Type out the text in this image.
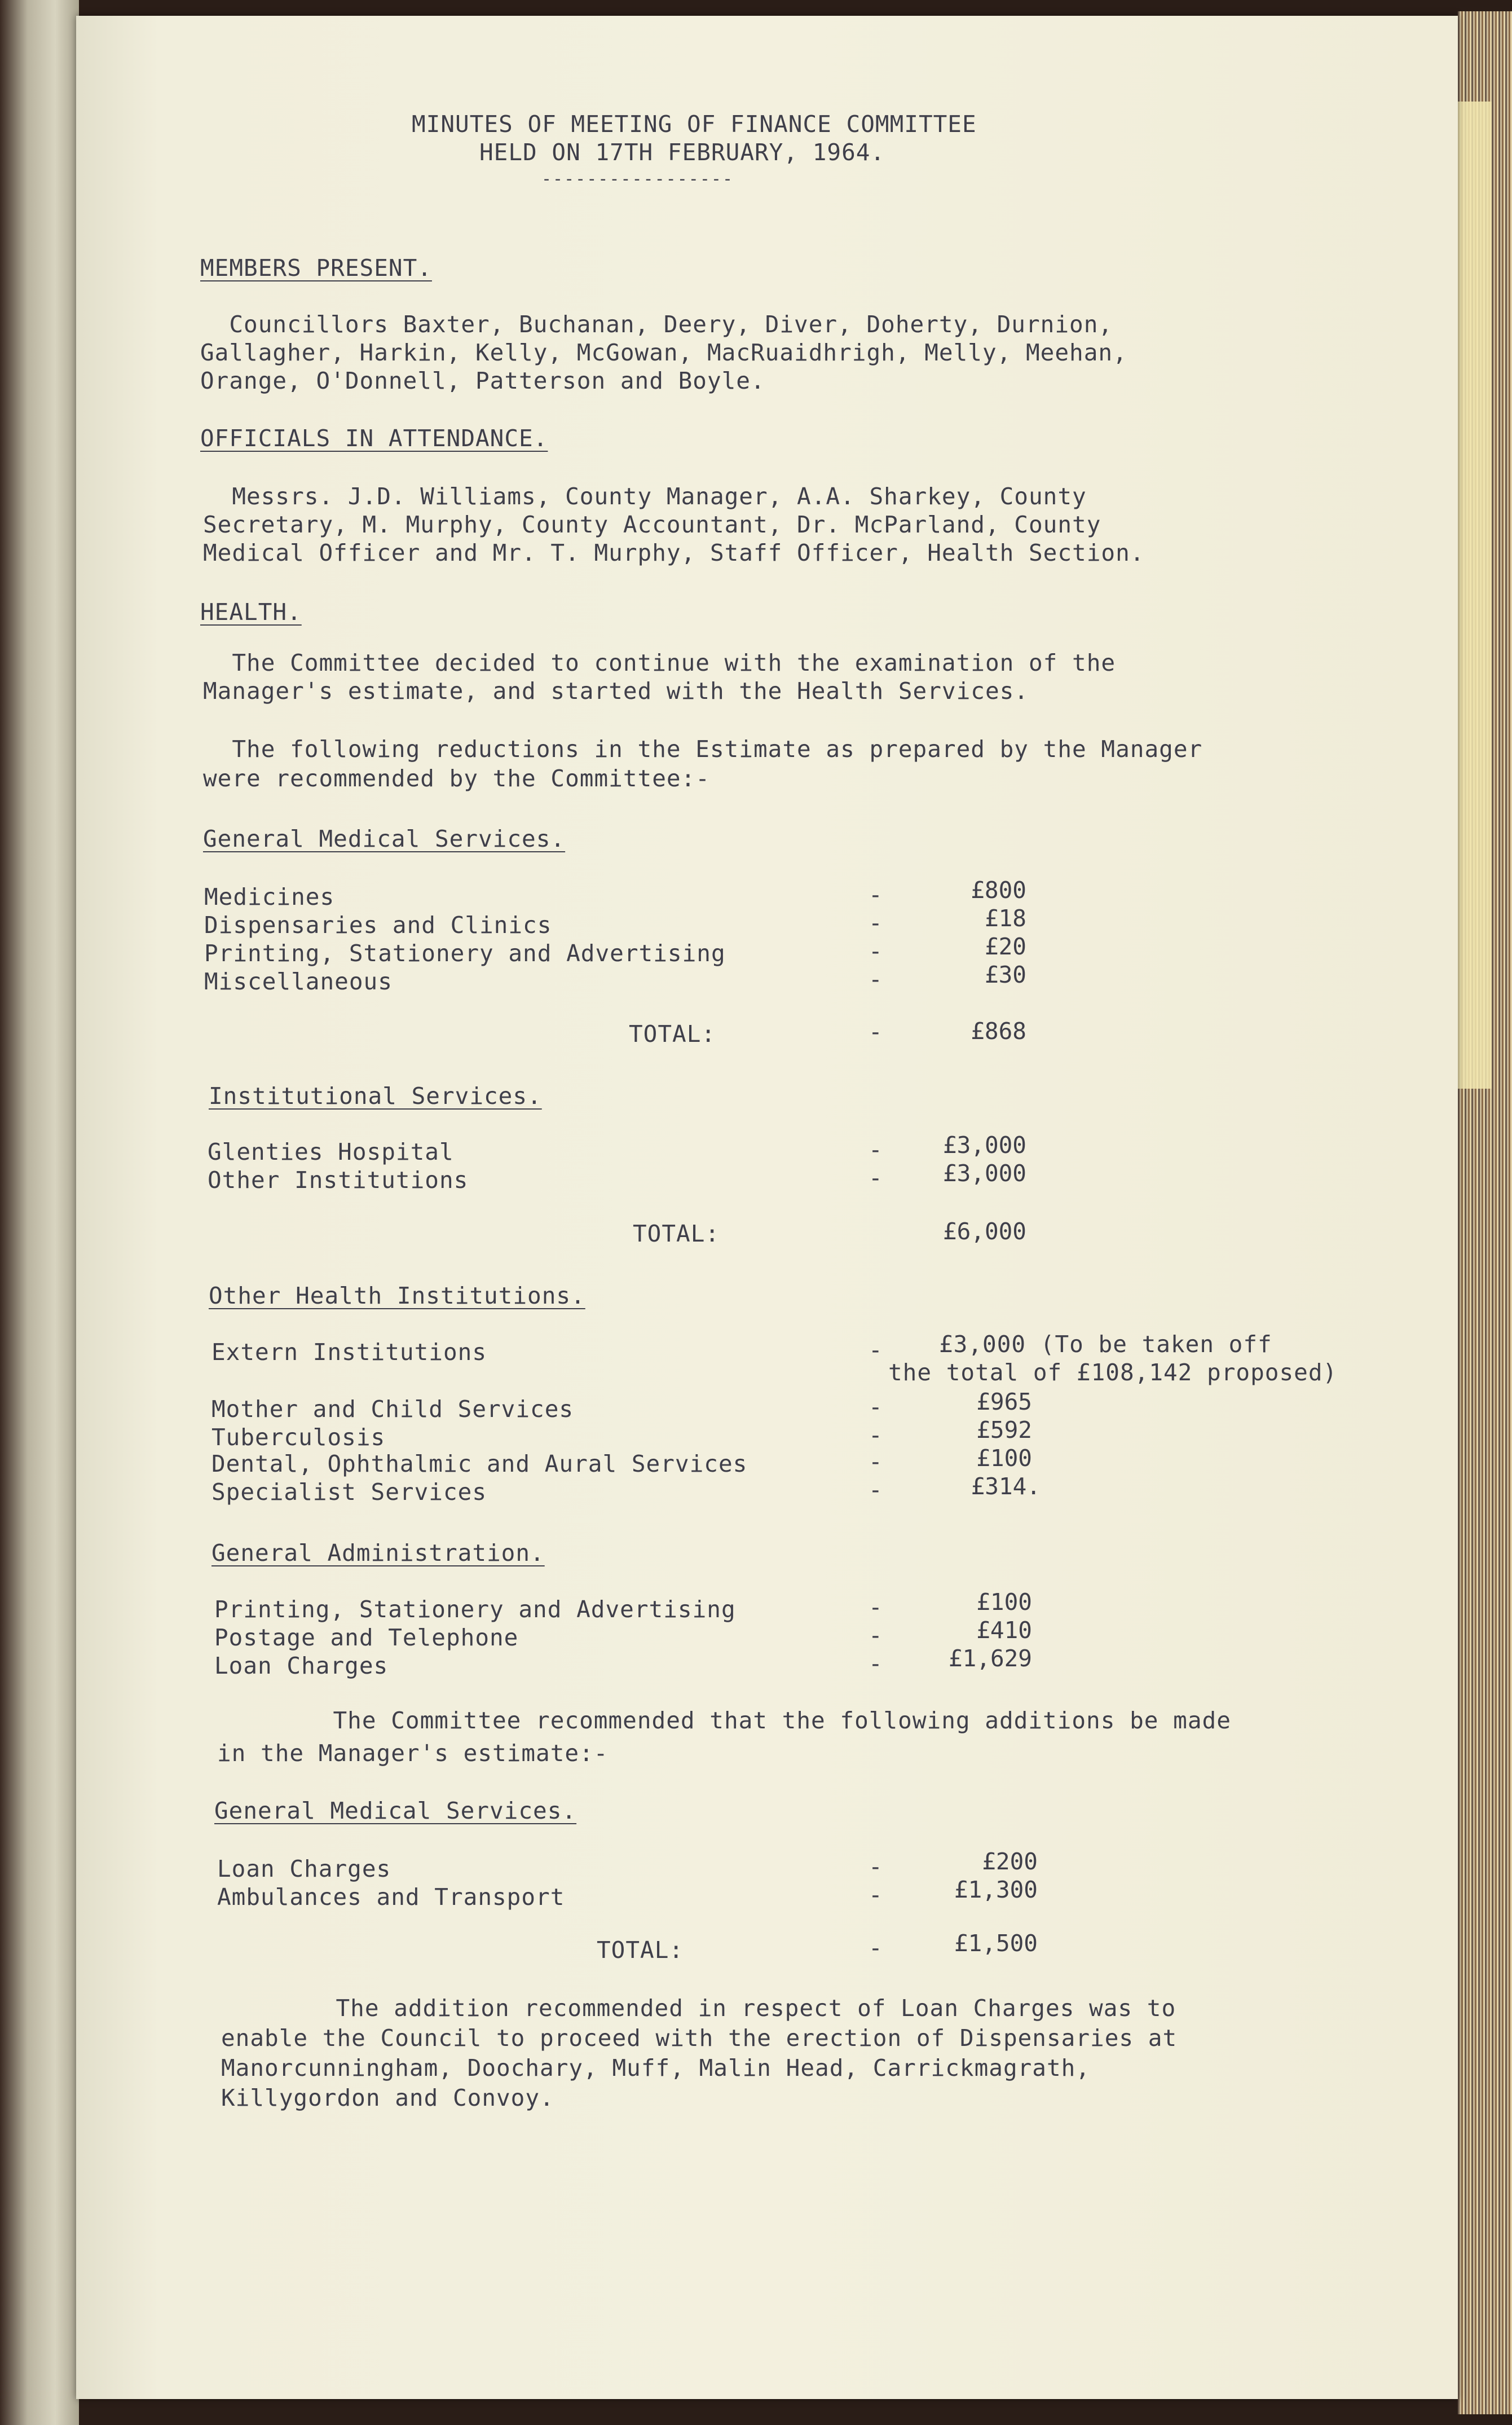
MINUTES OF MEETING OF FINANCE COMMITTEE
HELD ON 17TH FEBRUARY, 1964.
-----------------
MEMBERS PRESENT.
Councillors Baxter, Buchanan, Deery, Diver, Doherty, Durnion,
Gallagher, Harkin, Kelly, McGowan, MacRuaidhrigh, Melly, Meehan,
Orange, O'Donnell, Patterson and Boyle.
OFFICIALS IN ATTENDANCE.
Messrs. J.D. Williams, County Manager, A.A. Sharkey, County
Secretary, M. Murphy, County Accountant, Dr. McParland, County
Medical Officer and Mr. T. Murphy, Staff Officer, Health Section.
HEALTH.
The Committee decided to continue with the examination of the
Manager's estimate, and started with the Health Services.
The following reductions in the Estimate as prepared by the Manager
were recommended by the Committee:-
General Medical Services.
Medicines	-	£800
Dispensaries and Clinics	-	£18
Printing, Stationery and Advertising	-	£20
Miscellaneous	-	£30
TOTAL:	-	£868
Institutional Services.
Glenties Hospital	-	£3,000
Other Institutions	-	£3,000
TOTAL:	£6,000
Other Health Institutions.
Extern Institutions	- £3,000 (To be taken off
the total of £108,142 proposed)
Mother and Child Services	-	£965
Tuberculosis	-	£592
Dental, Ophthalmic and Aural Services	-	£100
Specialist Services	-	£314.
General Administration.
Printing, Stationery and Advertising	-	£100
Postage and Telephone	-	£410
Loan Charges	-	£1,629
The Committee recommended that the following additions be made
in the Manager's estimate:-
General Medical Services.
Loan Charges	-	£200
Ambulances and Transport	-	£1,300
TOTAL:	-	£1,500
The addition recommended in respect of Loan Charges was to
enable the Council to proceed with the erection of Dispensaries at
Manorcunningham, Doochary, Muff, Malin Head, Carrickmagrath,
Killygordon and Convoy.
